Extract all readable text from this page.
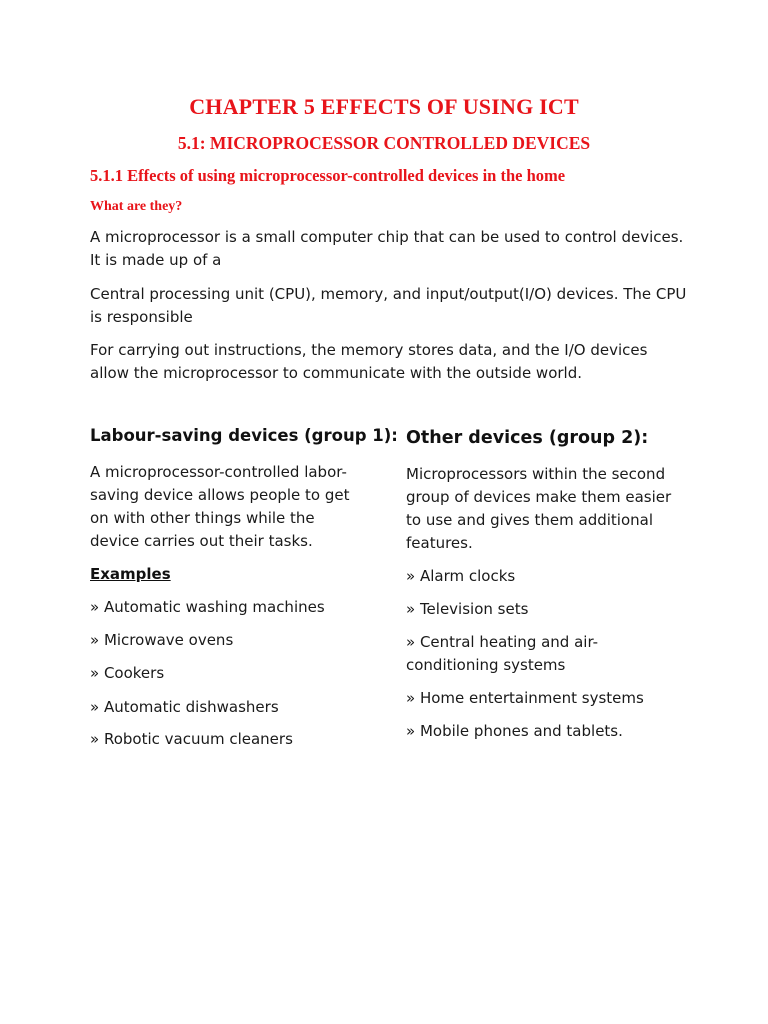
CHAPTER 5 EFFECTS OF USING ICT
5.1: MICROPROCESSOR CONTROLLED DEVICES
5.1.1 Effects of using microprocessor-controlled devices in the home
What are they?

A microprocessor is a small computer chip that can be used to control devices. It is made up of a

Central processing unit (CPU), memory, and input/output(I/O) devices. The CPU is responsible

For carrying out instructions, the memory stores data, and the I/O devices allow the microprocessor to communicate with the outside world.

Labour-saving devices (group 1):

A microprocessor-controlled labor-saving device allows people to get on with other things while the device carries out their tasks.

Examples

» Automatic washing machines

» Microwave ovens

» Cookers

» Automatic dishwashers

» Robotic vacuum cleaners

Other devices (group 2):

Microprocessors within the second group of devices make them easier to use and gives them additional features.

» Alarm clocks

» Television sets

» Central heating and air-conditioning systems

» Home entertainment systems

» Mobile phones and tablets.
